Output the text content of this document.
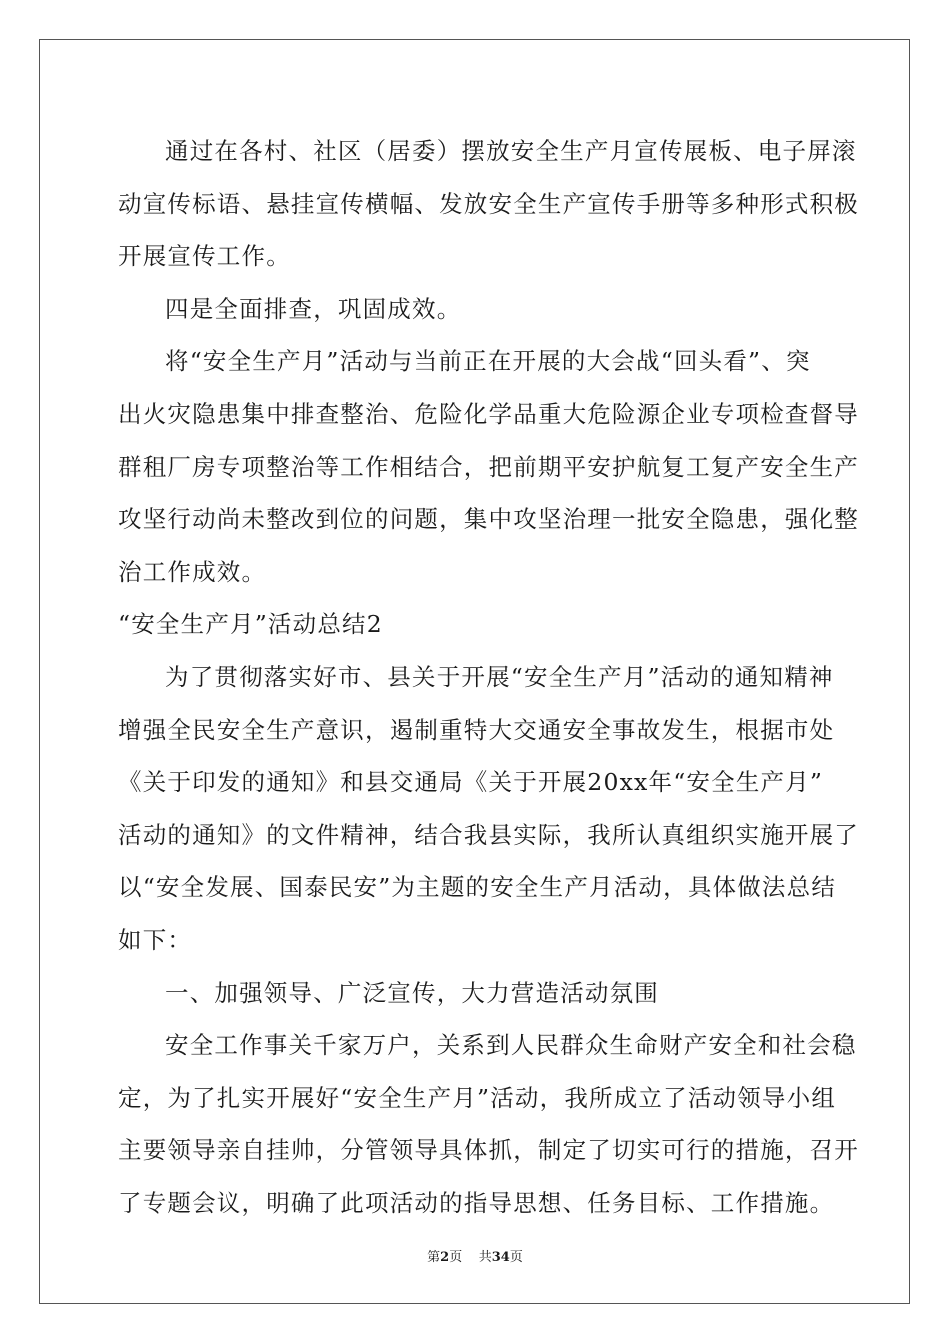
通过在各村、社区（居委）摆放安全生产月宣传展板、电子屏滚
动宣传标语、悬挂宣传横幅、发放安全生产宣传手册等多种形式积极
开展宣传工作。
四是全面排查，巩固成效。
将“安全生产月”活动与当前正在开展的大会战“回头看”、突
出火灾隐患集中排查整治、危险化学品重大危险源企业专项检查督导
群租厂房专项整治等工作相结合，把前期平安护航复工复产安全生产
攻坚行动尚未整改到位的问题，集中攻坚治理一批安全隐患，强化整
治工作成效。
“安全生产月”活动总结2
为了贯彻落实好市、县关于开展“安全生产月”活动的通知精神
增强全民安全生产意识，遏制重特大交通安全事故发生，根据市处
《关于印发的通知》和县交通局《关于开展20xx年“安全生产月”
活动的通知》的文件精神，结合我县实际，我所认真组织实施开展了
以“安全发展、国泰民安”为主题的安全生产月活动，具体做法总结
如下：
一、加强领导、广泛宣传，大力营造活动氛围
安全工作事关千家万户，关系到人民群众生命财产安全和社会稳
定，为了扎实开展好“安全生产月”活动，我所成立了活动领导小组
主要领导亲自挂帅，分管领导具体抓，制定了切实可行的措施，召开
了专题会议，明确了此项活动的指导思想、任务目标、工作措施。
第2页 共34页
